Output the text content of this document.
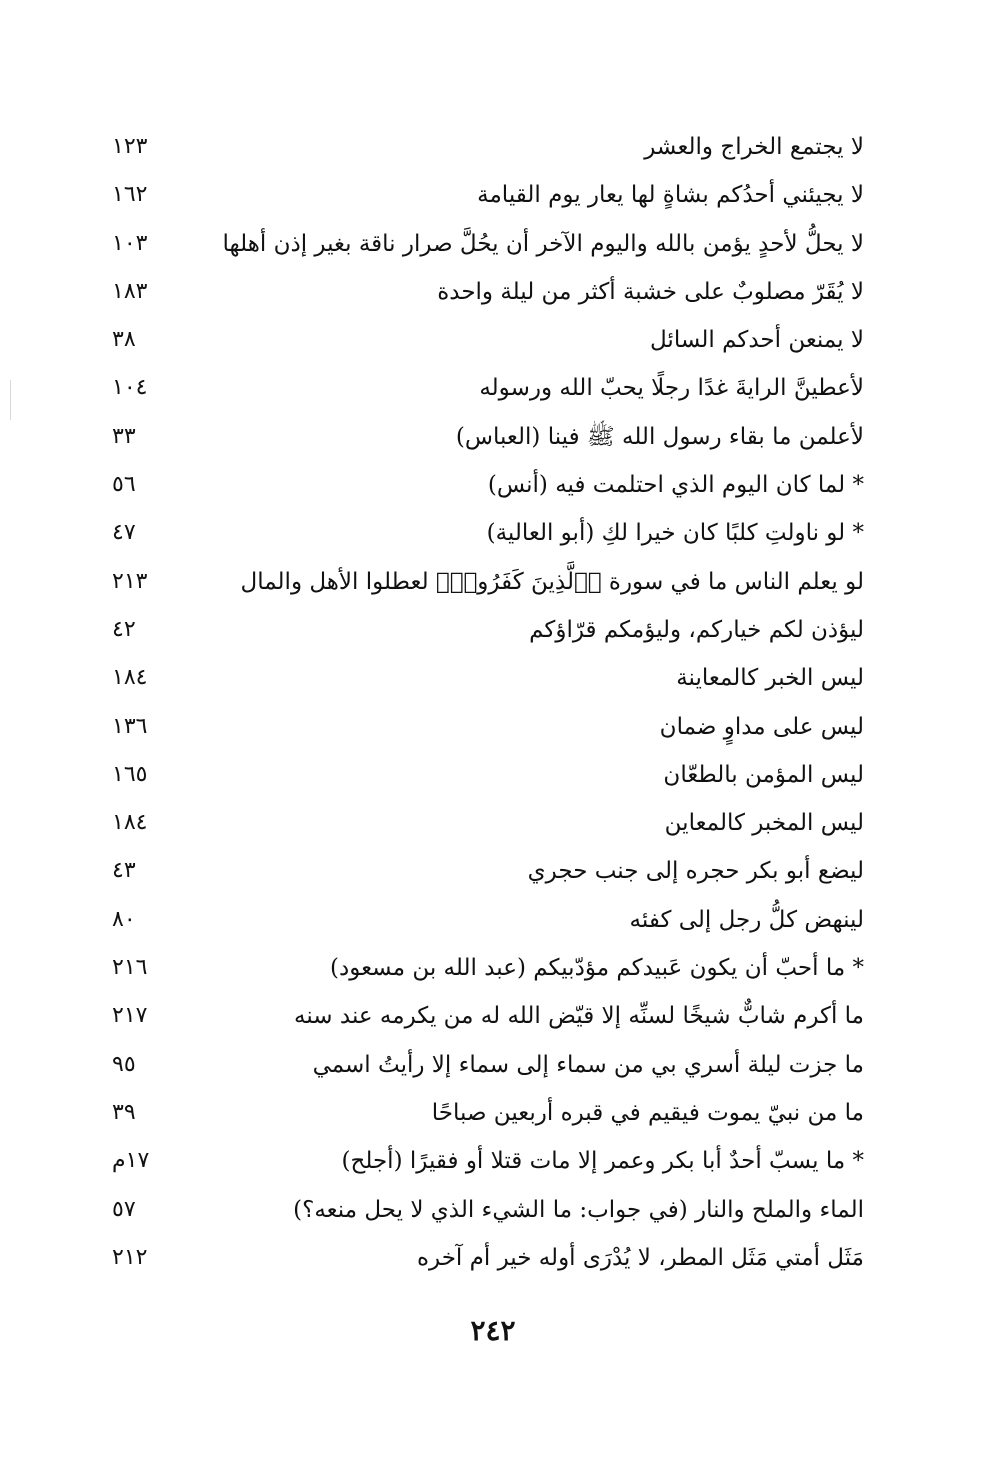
لا يجتمع الخراج والعشر
١٢٣
لا يجيئني أحدُكم بشاةٍ لها يعار يوم القيامة
١٦٢
لا يحلُّ لأحدٍ يؤمن بالله واليوم الآخر أن يحُلَّ صرار ناقة بغير إذن أهلها
١٠٣
لا يُقَرّ مصلوبٌ على خشبة أكثر من ليلة واحدة
١٨٣
لا يمنعن أحدكم السائل
٣٨
لأعطينَّ الرايةَ غدًا رجلًا يحبّ الله ورسوله
١٠٤
لأعلمن ما بقاء رسول الله ﷺ فينا (العباس)
٣٣
* لما كان اليوم الذي احتلمت فيه (أنس)
٥٦
* لو ناولتِ كلبًا كان خيرا لكِ (أبو العالية)
٤٧
لو يعلم الناس ما في سورة ﴿ٱلَّذِينَ كَفَرُوا۟﴾ لعطلوا الأهل والمال
٢١٣
ليؤذن لكم خياركم، وليؤمكم قرّاؤكم
٤٢
ليس الخبر كالمعاينة
١٨٤
ليس على مداوٍ ضمان
١٣٦
ليس المؤمن بالطعّان
١٦٥
ليس المخبر كالمعاين
١٨٤
ليضع أبو بكر حجره إلى جنب حجري
٤٣
لينهض كلُّ رجل إلى كفئه
٨٠
* ما أحبّ أن يكون عَبيدكم مؤدّبيكم (عبد الله بن مسعود)
٢١٦
ما أكرم شابٌّ شيخًا لسنِّه إلا قيّض الله له من يكرمه عند سنه
٢١٧
ما جزت ليلة أسري بي من سماء إلى سماء إلا رأيتُ اسمي
٩٥
ما من نبيّ يموت فيقيم في قبره أربعين صباحًا
٣٩
* ما يسبّ أحدٌ أبا بكر وعمر إلا مات قتلا أو فقيرًا (أجلح)
١٧م
الماء والملح والنار (في جواب: ما الشيء الذي لا يحل منعه؟)
٥٧
مَثَل أمتي مَثَل المطر، لا يُدْرَى أوله خير أم آخره
٢١٢
٢٤٢
